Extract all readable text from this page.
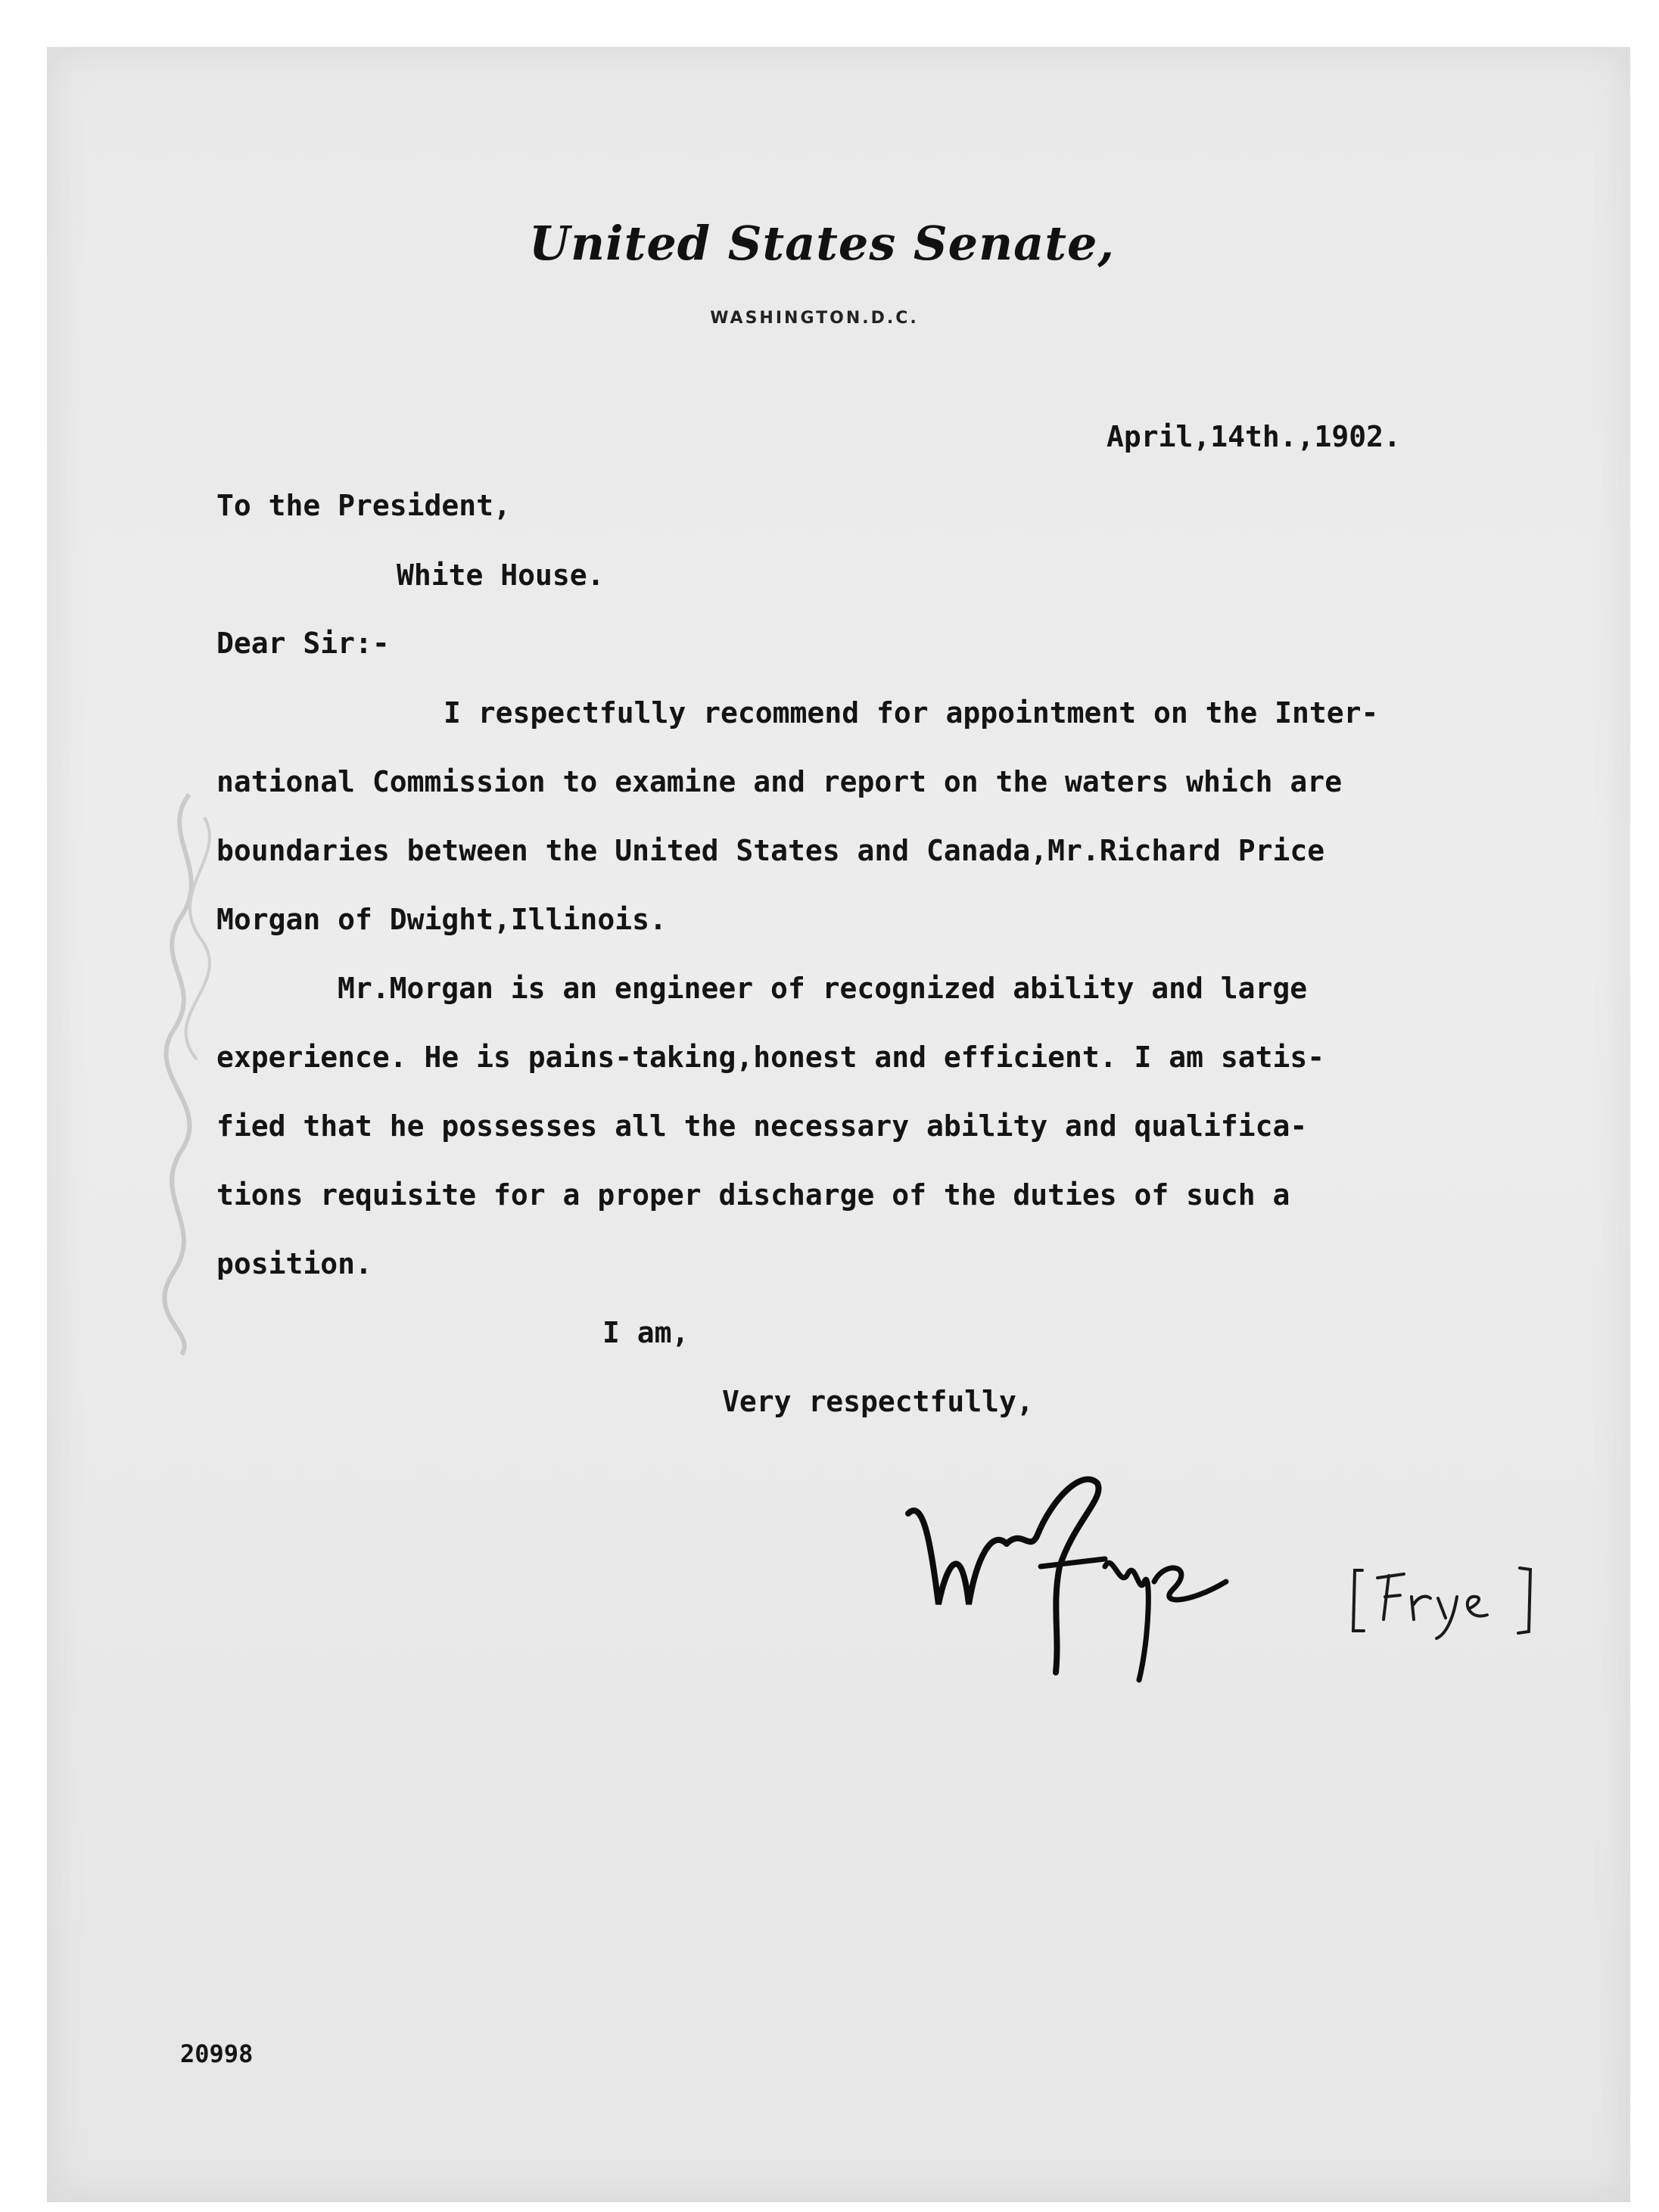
United States Senate,
WASHINGTON.D.C.
April,14th.,1902.
To the President,
White House.
Dear Sir:-
I respectfully recommend for appointment on the Inter-
national Commission to examine and report on the waters which are
boundaries between the United States and Canada,Mr.Richard Price
Morgan of Dwight,Illinois.
Mr.Morgan is an engineer of recognized ability and large
experience. He is pains-taking,honest and efficient. I am satis-
fied that he possesses all the necessary ability and qualifica-
tions requisite for a proper discharge of the duties of such a
position.
I am,
Very respectfully,
20998
